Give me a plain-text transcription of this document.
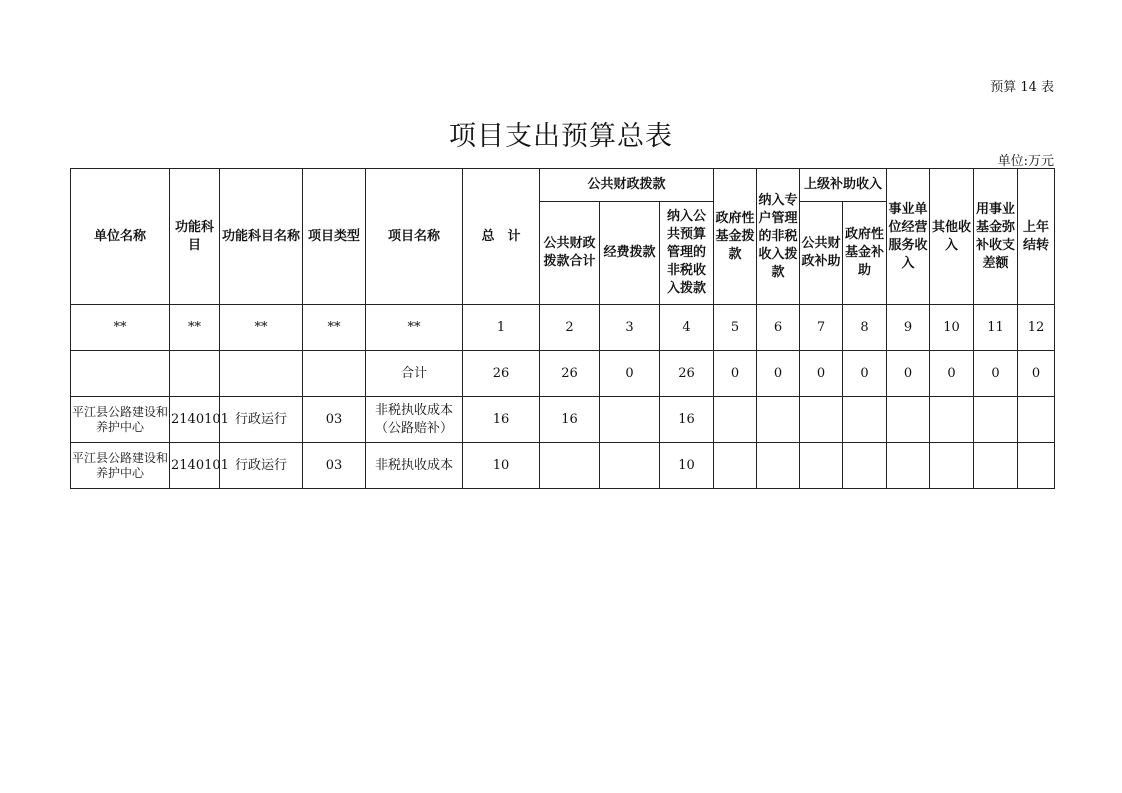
预算 14 表
项目支出预算总表
单位:万元
单位名称	功能科目	功能科目名称	项目类型	项目名称	总　计	公共财政拨款			政府性基金拨款	纳入专户管理的非税收入拨款	上级补助收入		事业单位经营服务收入	其他收入	用事业基金弥补收支差额	上年结转
						公共财政拨款合计	经费拨款	纳入公共预算管理的非税收入拨款			公共财政补助	政府性基金补助				
**	**	**	**	**	1	2	3	4	5	6	7	8	9	10	11	12
				合计	26	26	0	26	0	0	0	0	0	0	0	0
平江县公路建设和养护中心	2140101	行政运行	03	非税执收成本（公路赔补）	16	16		16								
平江县公路建设和养护中心	2140101	行政运行	03	非税执收成本	10			10								
